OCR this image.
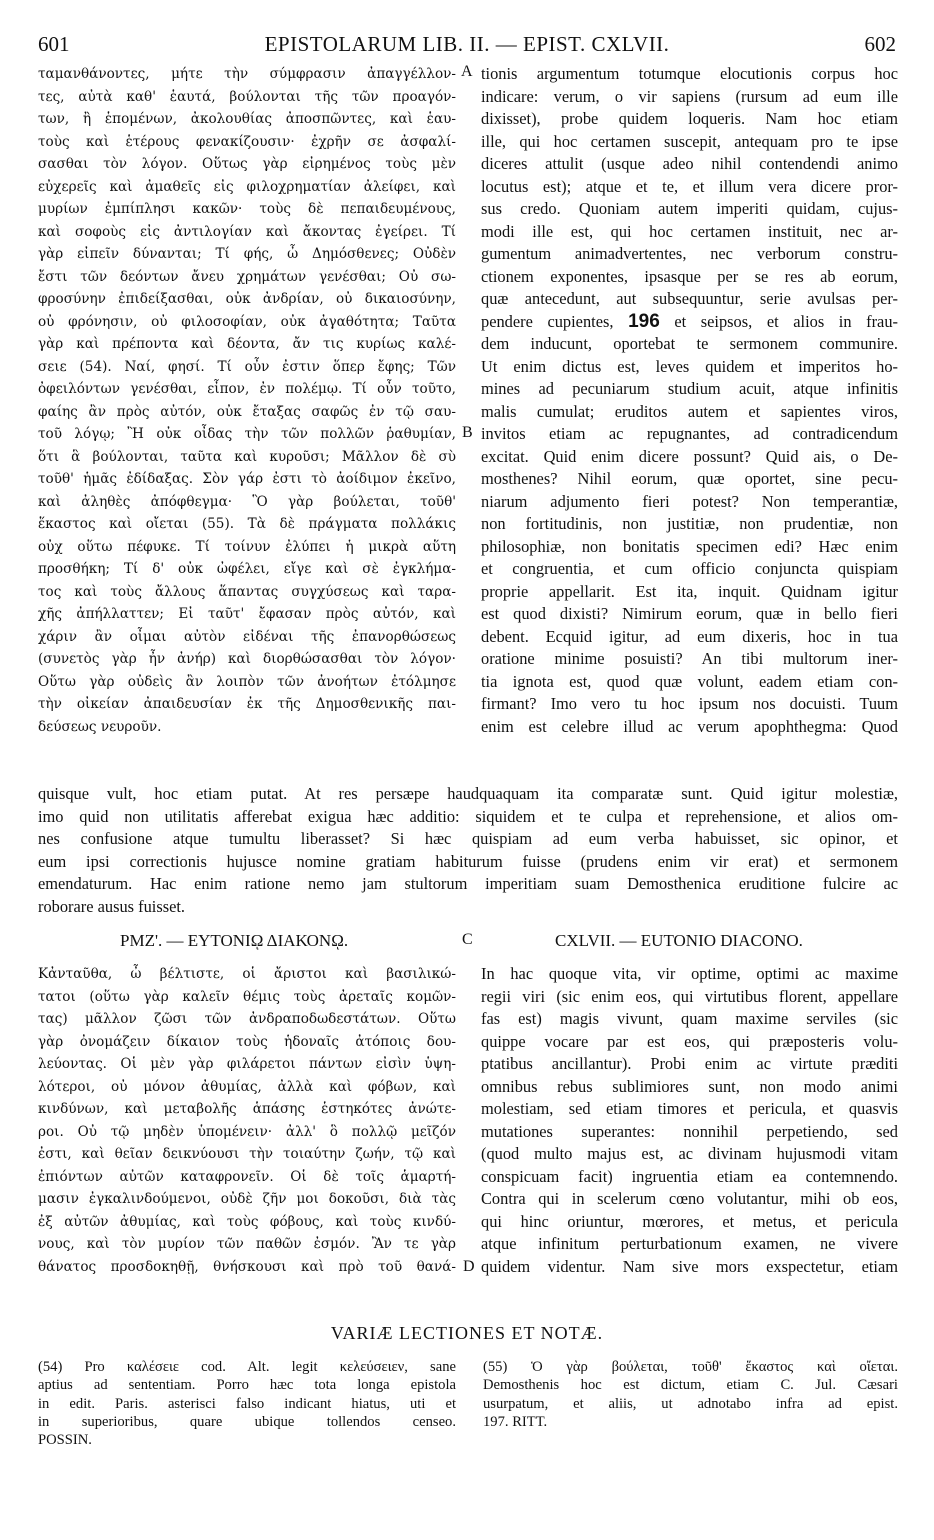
601	EPISTOLARUM LIB. II. — EPIST. CXLVII.	602
ταμανθάνοντες, μήτε τὴν σύμφρασιν ἀπαγγέλλον-
τες, αὐτὰ καθ' ἑαυτά, βούλονται τῆς τῶν προαγόν-
των, ἢ ἑπομένων, ἀκολουθίας ἀποσπῶντες, καὶ ἑαυ-
τοὺς καὶ ἑτέρους φενακίζουσιν· ἐχρῆν σε ἀσφαλί-
σασθαι τὸν λόγον. Οὕτως γὰρ εἰρημένος τοὺς μὲν
εὐχερεῖς καὶ ἀμαθεῖς εἰς φιλοχρηματίαν ἀλείφει, καὶ
μυρίων ἐμπίπλησι κακῶν· τοὺς δὲ πεπαιδευμένους,
καὶ σοφοὺς εἰς ἀντιλογίαν καὶ ἄκοντας ἐγείρει. Τί
γὰρ εἰπεῖν δύνανται; Τί φής, ὦ Δημόσθενες; Οὐδὲν
ἔστι τῶν δεόντων ἄνευ χρημάτων γενέσθαι; Οὐ σω-
φροσύνην ἐπιδείξασθαι, οὐκ ἀνδρίαν, οὐ δικαιοσύνην,
οὐ φρόνησιν, οὐ φιλοσοφίαν, οὐκ ἀγαθότητα; Ταῦτα
γὰρ καὶ πρέποντα καὶ δέοντα, ἄν τις κυρίως καλέ-
σειε (54). Ναί, φησί. Τί οὖν ἐστιν ὅπερ ἔφης; Τῶν
ὀφειλόντων γενέσθαι, εἶπον, ἐν πολέμῳ. Τί οὖν τοῦτο,
φαίης ἂν πρὸς αὐτόν, οὐκ ἔταξας σαφῶς ἐν τῷ σαυ-
τοῦ λόγῳ; Ἢ οὐκ οἶδας τὴν τῶν πολλῶν ῥαθυμίαν,
ὅτι ἃ βούλονται, ταῦτα καὶ κυροῦσι; Μᾶλλον δὲ σὺ
τοῦθ' ἡμᾶς ἐδίδαξας. Σὸν γάρ ἐστι τὸ ἀοίδιμον ἐκεῖνο,
καὶ ἀληθὲς ἀπόφθεγμα· Ὃ γὰρ βούλεται, τοῦθ'
ἕκαστος καὶ οἴεται (55). Τὰ δὲ πράγματα πολλάκις
οὐχ οὕτω πέφυκε. Τί τοίνυν ἐλύπει ἡ μικρὰ αὕτη
προσθήκη; Τί δ' οὐκ ὠφέλει, εἴγε καὶ σὲ ἐγκλήμα-
τος καὶ τοὺς ἄλλους ἅπαντας συγχύσεως καὶ ταρα-
χῆς ἀπήλλαττεν; Εἰ ταῦτ' ἔφασαν πρὸς αὐτόν, καὶ
χάριν ἂν οἶμαι αὐτὸν εἰδέναι τῆς ἐπανορθώσεως
(συνετὸς γὰρ ἦν ἀνήρ) καὶ διορθώσασθαι τὸν λόγον·
Οὕτω γὰρ οὐδεὶς ἂν λοιπὸν τῶν ἀνοήτων ἐτόλμησε
τὴν οἰκείαν ἀπαιδευσίαν ἐκ τῆς Δημοσθενικῆς παι-
δεύσεως νευροῦν.
tionis argumentum totumque elocutionis corpus hoc
indicare: verum, o vir sapiens (rursum ad eum ille
dixisset), probe quidem loqueris. Nam hoc etiam
ille, qui hoc certamen suscepit, antequam pro te ipse
diceres attulit (usque adeo nihil contendendi animo
locutus est); atque et te, et illum vera dicere pror-
sus credo. Quoniam autem imperiti quidam, cujus-
modi ille est, qui hoc certamen instituit, nec ar-
gumentum animadvertentes, nec verborum constru-
ctionem exponentes, ipsasque per se res ab eorum,
quæ antecedunt, aut subsequuntur, serie avulsas per-
pendere cupientes, 196 et seipsos, et alios in frau-
dem inducunt, oportebat te sermonem communire.
Ut enim dictus est, leves quidem et imperitos ho-
mines ad pecuniarum studium acuit, atque infinitis
malis cumulat; eruditos autem et sapientes viros,
invitos etiam ac repugnantes, ad contradicendum
excitat. Quid enim dicere possunt? Quid ais, o De-
mosthenes? Nihil eorum, quæ oportet, sine pecu-
niarum adjumento fieri potest? Non temperantiæ,
non fortitudinis, non justitiæ, non prudentiæ, non
philosophiæ, non bonitatis specimen edi? Hæc enim
et congruentia, et cum officio conjuncta quispiam
proprie appellarit. Est ita, inquit. Quidnam igitur
est quod dixisti? Nimirum eorum, quæ in bello fieri
debent. Ecquid igitur, ad eum dixeris, hoc in tua
oratione minime posuisti? An tibi multorum iner-
tia ignota est, quod quæ volunt, eadem etiam con-
firmant? Imo vero tu hoc ipsum nos docuisti. Tuum
enim est celebre illud ac verum apophthegma: Quod
A
B
quisque vult, hoc etiam putat. At res persæpe haudquaquam ita comparatæ sunt. Quid igitur molestiæ,
imo quid non utilitatis afferebat exigua hæc additio: siquidem et te culpa et reprehensione, et alios om-
nes confusione atque tumultu liberasset? Si hæc quispiam ad eum verba habuisset, sic opinor, et
eum ipsi correctionis hujusce nomine gratiam habiturum fuisse (prudens enim vir erat) et sermonem
emendaturum. Hac enim ratione nemo jam stultorum imperitiam suam Demosthenica eruditione fulcire ac
roborare ausus fuisset.
ΡΜΖ'. — ΕΥΤΟΝΙῼ ΔΙΑΚΟΝῼ.	C	CXLVII. — EUTONIO DIACONO.
Κἀνταῦθα, ὦ βέλτιστε, οἱ ἄριστοι καὶ βασιλικώ-
τατοι (οὕτω γὰρ καλεῖν θέμις τοὺς ἀρεταῖς κομῶν-
τας) μᾶλλον ζῶσι τῶν ἀνδραποδωδεστάτων. Οὕτω
γὰρ ὀνομάζειν δίκαιον τοὺς ἡδοναῖς ἀτόποις δου-
λεύοντας. Οἱ μὲν γὰρ φιλάρετοι πάντων εἰσὶν ὑψη-
λότεροι, οὐ μόνον ἀθυμίας, ἀλλὰ καὶ φόβων, καὶ
κινδύνων, καὶ μεταβολῆς ἁπάσης ἑστηκότες ἀνώτε-
ροι. Οὐ τῷ μηδὲν ὑπομένειν· ἀλλ' ὃ πολλῷ μεῖζόν
ἐστι, καὶ θεῖαν δεικνύουσι τὴν τοιαύτην ζωήν, τῷ καὶ
ἐπιόντων αὐτῶν καταφρονεῖν. Οἱ δὲ τοῖς ἁμαρτή-
μασιν ἐγκαλινδούμενοι, οὐδὲ ζῆν μοι δοκοῦσι, διὰ τὰς
ἐξ αὐτῶν ἀθυμίας, καὶ τοὺς φόβους, καὶ τοὺς κινδύ-
νους, καὶ τὸν μυρίον τῶν παθῶν ἐσμόν. Ἂν τε γὰρ
θάνατος προσδοκηθῇ, θνήσκουσι καὶ πρὸ τοῦ θανά-
In hac quoque vita, vir optime, optimi ac maxime
regii viri (sic enim eos, qui virtutibus florent, appellare
fas est) magis vivunt, quam maxime serviles (sic
quippe vocare par est eos, qui præposteris volu-
ptatibus ancillantur). Probi enim ac virtute præditi
omnibus rebus sublimiores sunt, non modo animi
molestiam, sed etiam timores et pericula, et quasvis
mutationes superantes: nonnihil perpetiendo, sed
(quod multo majus est, ac divinam hujusmodi vitam
conspicuam facit) ingruentia etiam ea contemnendo.
Contra qui in scelerum cœno volutantur, mihi ob eos,
qui hinc oriuntur, mœrores, et metus, et pericula
atque infinitum perturbationum examen, ne vivere
quidem videntur. Nam sive mors exspectetur, etiam
D
VARIÆ LECTIONES ET NOTÆ.
(54) Pro καλέσειε cod. Alt. legit κελεύσειεν, sane
aptius ad sententiam. Porro hæc tota longa epistola
in edit. Paris. asterisci falso indicant hiatus, uti et
in superioribus, quare ubique tollendos censeo.
POSSIN.
(55) Ὁ γὰρ βούλεται, τοῦθ' ἕκαστος καὶ οἴεται.
Demosthenis hoc est dictum, etiam C. Jul. Cæsari
usurpatum, et aliis, ut adnotabo infra ad epist.
197. RITT.
